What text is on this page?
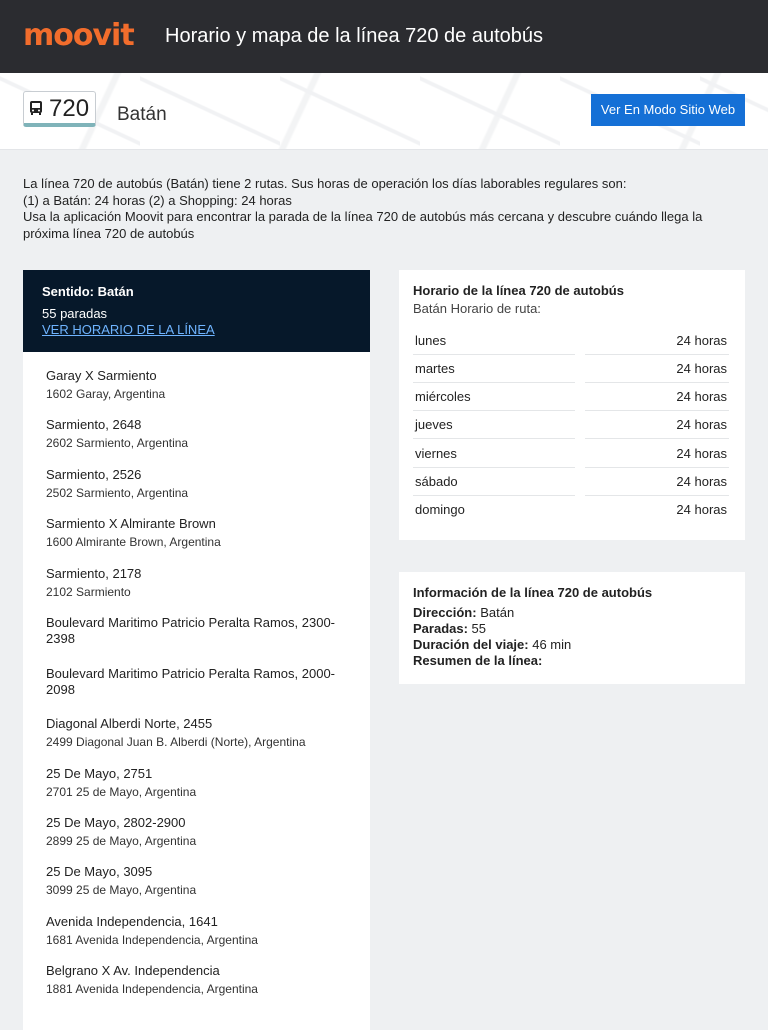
moovit Horario y mapa de la línea 720 de autobús
720 Batán	Ver En Modo Sitio Web
La línea 720 de autobús (Batán) tiene 2 rutas. Sus horas de operación los días laborables regulares son:
(1) a Batán: 24 horas (2) a Shopping: 24 horas
Usa la aplicación Moovit para encontrar la parada de la línea 720 de autobús más cercana y descubre cuándo llega la
próxima línea 720 de autobús
Sentido: Batán
55 paradas
VER HORARIO DE LA LÍNEA
Garay X Sarmiento
1602 Garay, Argentina
Sarmiento, 2648
2602 Sarmiento, Argentina
Sarmiento, 2526
2502 Sarmiento, Argentina
Sarmiento X Almirante Brown
1600 Almirante Brown, Argentina
Sarmiento, 2178
2102 Sarmiento
Boulevard Maritimo Patricio Peralta Ramos, 2300-2398
Boulevard Maritimo Patricio Peralta Ramos, 2000-2098
Diagonal Alberdi Norte, 2455
2499 Diagonal Juan B. Alberdi (Norte), Argentina
25 De Mayo, 2751
2701 25 de Mayo, Argentina
25 De Mayo, 2802-2900
2899 25 de Mayo, Argentina
25 De Mayo, 3095
3099 25 de Mayo, Argentina
Avenida Independencia, 1641
1681 Avenida Independencia, Argentina
Belgrano X Av. Independencia
1881 Avenida Independencia, Argentina
Horario de la línea 720 de autobús
Batán Horario de ruta:
lunes	24 horas
martes	24 horas
miércoles	24 horas
jueves	24 horas
viernes	24 horas
sábado	24 horas
domingo	24 horas
Información de la línea 720 de autobús
Dirección: Batán
Paradas: 55
Duración del viaje: 46 min
Resumen de la línea:
